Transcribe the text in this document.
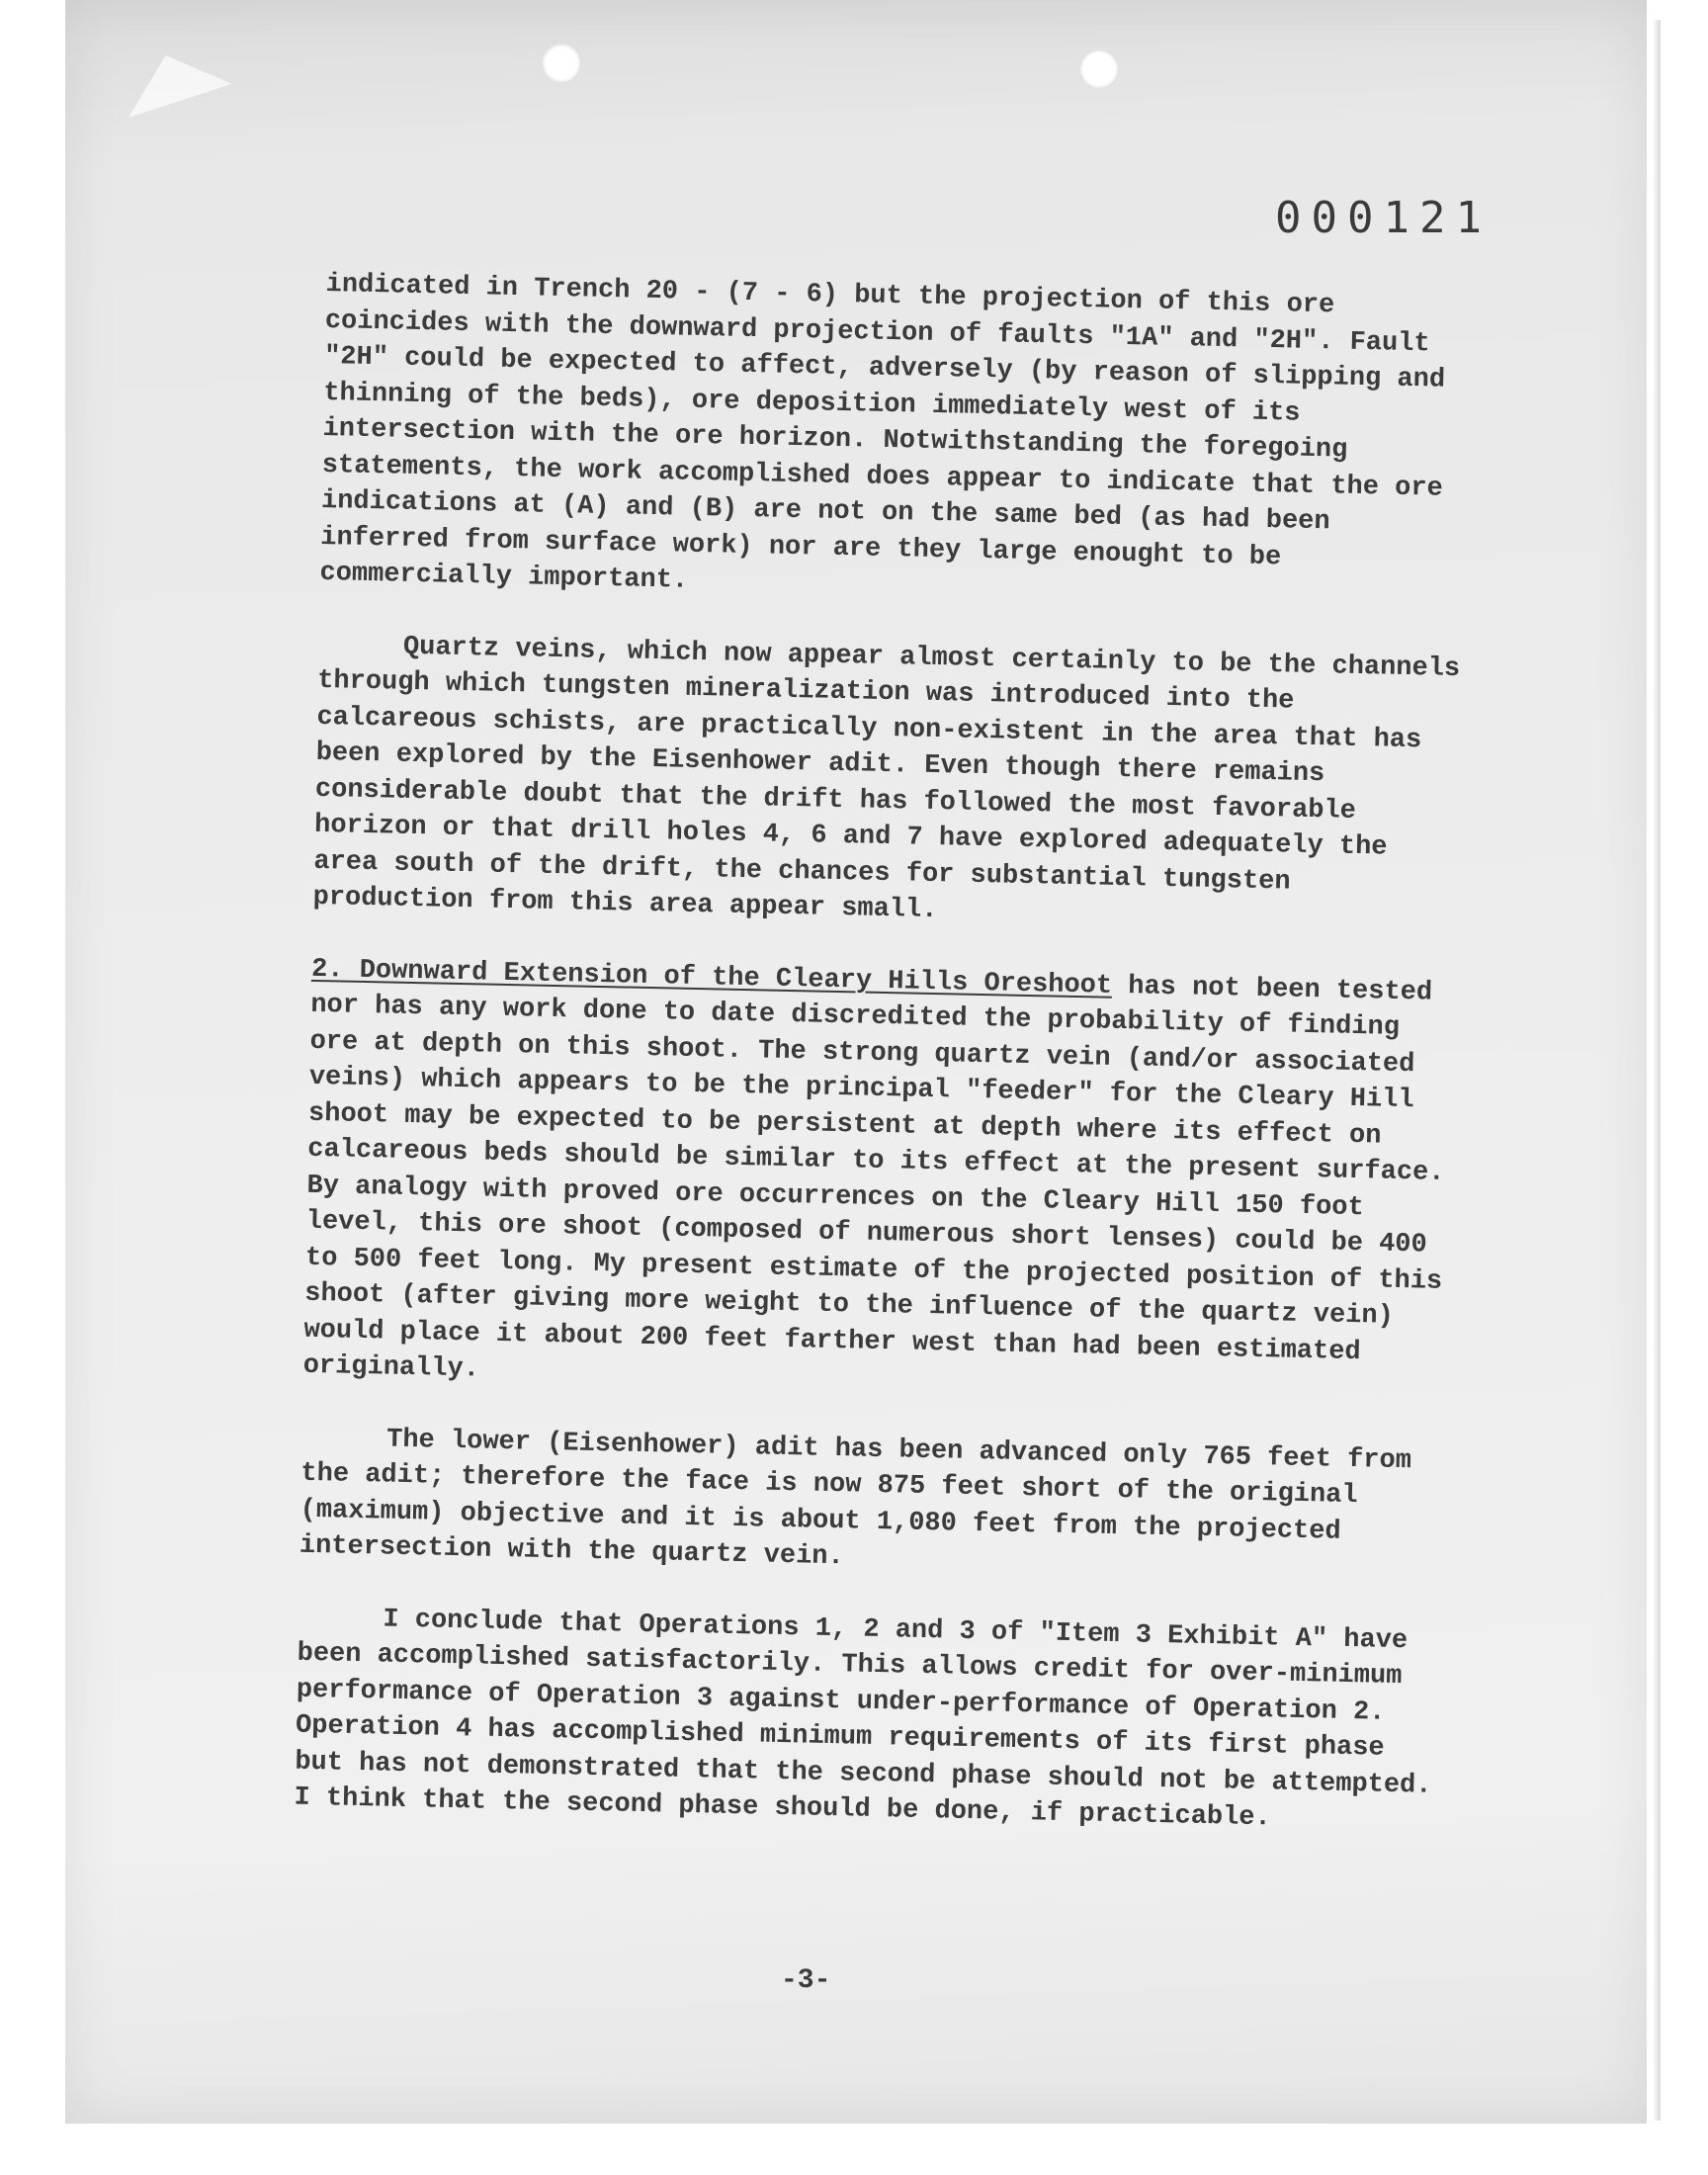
000121

indicated in Trench 20 - (7 - 6) but the projection of this ore coincides with the downward projection of faults "1A" and "2H". Fault "2H" could be expected to affect, adversely (by reason of slipping and thinning of the beds), ore deposition immediately west of its intersection with the ore horizon. Notwithstanding the foregoing statements, the work accomplished does appear to indicate that the ore indications at (A) and (B) are not on the same bed (as had been inferred from surface work) nor are they large enought to be commercially important.

Quartz veins, which now appear almost certainly to be the channels through which tungsten mineralization was introduced into the calcareous schists, are practically non-existent in the area that has been explored by the Eisenhower adit. Even though there remains considerable doubt that the drift has followed the most favorable horizon or that drill holes 4, 6 and 7 have explored adequately the area south of the drift, the chances for substantial tungsten production from this area appear small.

2. Downward Extension of the Cleary Hills Oreshoot has not been tested nor has any work done to date discredited the probability of finding ore at depth on this shoot. The strong quartz vein (and/or associated veins) which appears to be the principal "feeder" for the Cleary Hill shoot may be expected to be persistent at depth where its effect on calcareous beds should be similar to its effect at the present surface. By analogy with proved ore occurrences on the Cleary Hill 150 foot level, this ore shoot (composed of numerous short lenses) could be 400 to 500 feet long. My present estimate of the projected position of this shoot (after giving more weight to the influence of the quartz vein) would place it about 200 feet farther west than had been estimated originally.

The lower (Eisenhower) adit has been advanced only 765 feet from the adit; therefore the face is now 875 feet short of the original (maximum) objective and it is about 1,080 feet from the projected intersection with the quartz vein.

I conclude that Operations 1, 2 and 3 of "Item 3 Exhibit A" have been accomplished satisfactorily. This allows credit for over-minimum performance of Operation 3 against under-performance of Operation 2. Operation 4 has accomplished minimum requirements of its first phase but has not demonstrated that the second phase should not be attempted. I think that the second phase should be done, if practicable.

-3-
